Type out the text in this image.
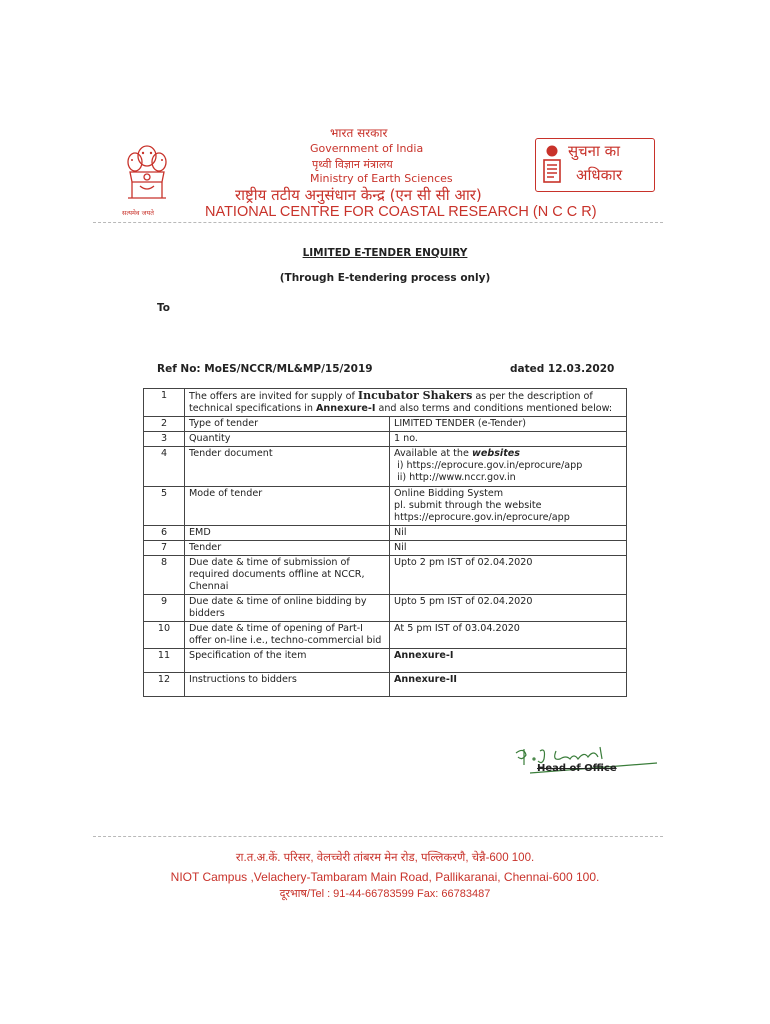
सत्यमेव जयते
भारत सरकार
Government of India
पृथ्वी विज्ञान मंत्रालय
Ministry of Earth Sciences
राष्ट्रीय तटीय अनुसंधान केन्द्र (एन सी सी आर)
NATIONAL CENTRE FOR COASTAL RESEARCH (N C C R)
सुचना का
अधिकार
LIMITED E-TENDER ENQUIRY
(Through E-tendering process only)
To
Ref No: MoES/NCCR/ML&MP/15/2019	dated 12.03.2020
1	The offers are invited for supply of Incubator Shakers as per the description of technical specifications in Annexure-I and also terms and conditions mentioned below:	
2	Type of tender	LIMITED TENDER (e-Tender)
3	Quantity	1 no.
4	Tender document	Available at the websites
i) https://eprocure.gov.in/eprocure/app
ii) http://www.nccr.gov.in
5	Mode of tender	Online Bidding System
pl. submit through the website
https://eprocure.gov.in/eprocure/app
6	EMD	Nil
7	Tender	Nil
8	Due date & time of submission of
required documents offline at NCCR,
Chennai	Upto 2 pm IST of 02.04.2020
9	Due date & time of online bidding by
bidders	Upto 5 pm IST of 02.04.2020
10	Due date & time of opening of Part-I
offer on-line i.e., techno-commercial bid	At 5 pm IST of 03.04.2020
11	Specification of the item	Annexure-I
12	Instructions to bidders	Annexure-II
Head of Office
रा.त.अ.कें. परिसर, वेलच्चेरी तांबरम मेन रोड, पल्लिकरणै, चेन्नै-600 100.
NIOT Campus ,Velachery-Tambaram Main Road, Pallikaranai, Chennai-600 100.
दूरभाष/Tel : 91-44-66783599 Fax: 66783487
